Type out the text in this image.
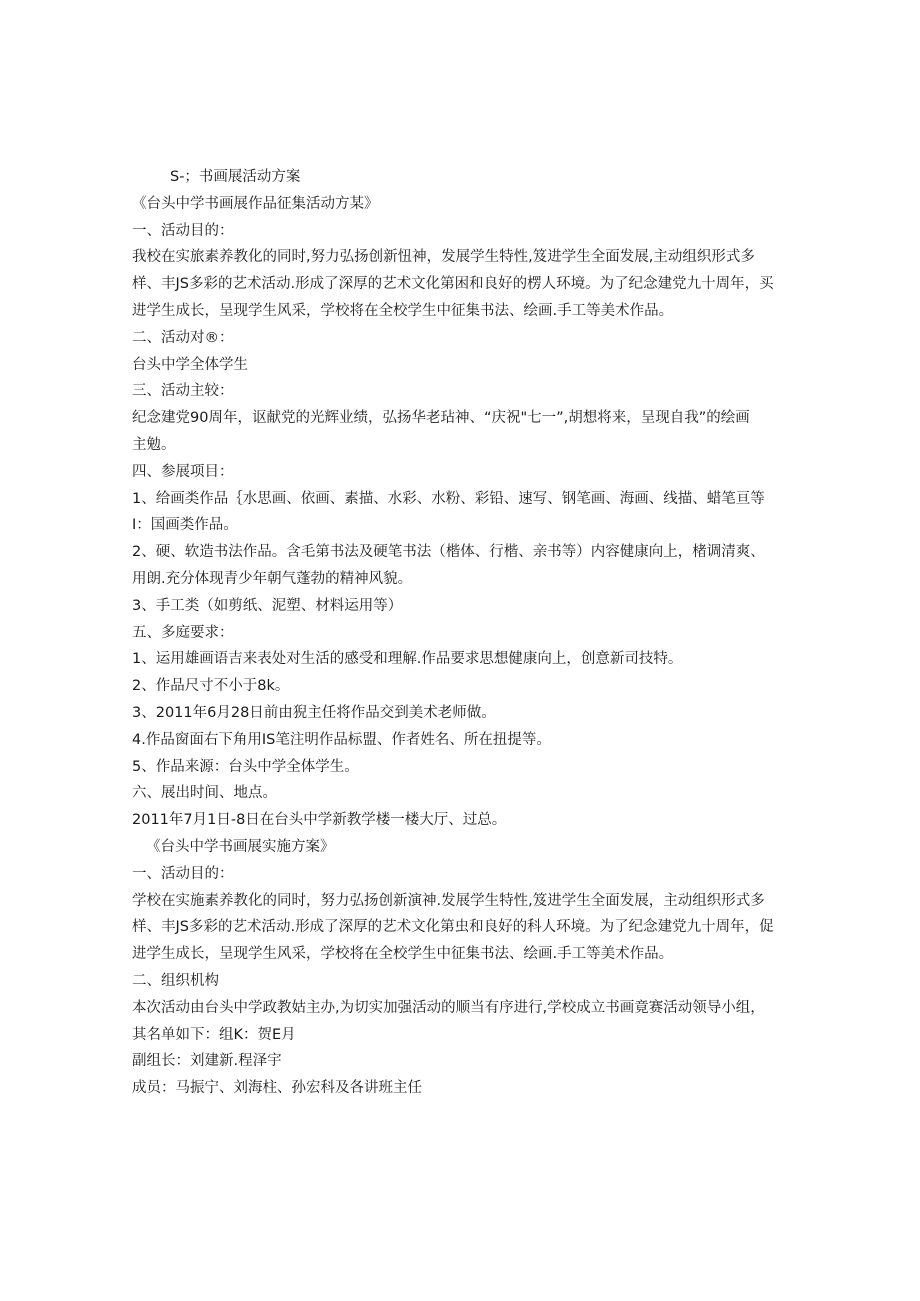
S-；书画展活动方案
《台头中学书画展作品征集活动方某》
一、活动目的：
我校在实旅素养教化的同时,努力弘扬创新忸神，发展学生特性,笈进学生全面发展,主动组织形式多
样、丰JS多彩的艺术活动.形成了深厚的艺术文化第困和良好的楞人环境。为了纪念建党九十周年，买
进学生成长，呈现学生风采，学校将在全校学生中征集书法、绘画.手工等美术作品。
二、活动对®：
台头中学全体学生
三、活动主较：
纪念建党90周年，讴献党的光辉业绩，弘扬华老玷神、“庆祝"七一”,胡想将来，呈现自我”的绘画
主勉。
四、参展项目：
1、给画类作品｛水思画、依画、素描、水彩、水粉、彩铅、速写、钢笔画、海画、线描、蜡笔亘等
I：国画类作品。
2、硬、软造书法作品。含毛第书法及硬笔书法（楷体、行楷、亲书等）内容健康向上，楮调清爽、
用朗.充分体现青少年朝气蓬勃的精神风貌。
3、手工类（如剪纸、泥塑、材料运用等）
五、多庭要求：
1、运用雄画语吉来表处对生活的感受和理解.作品要求思想健康向上，创意新司技特。
2、作品尺寸不小于8k。
3、2011年6月28日前由猊主任将作品交到美术老师做。
4.作品窗面右下角用IS笔注明作品标盟、作者姓名、所在扭提等。
5、作品来源：台头中学全体学生。
六、展出时间、地点。
2011年7月1日-8日在台头中学新教学楼一楼大厅、过总。
《台头中学书画展实施方案》
一、活动目的：
学校在实施素养教化的同时，努力弘扬创新演神.发展学生特性,笈进学生全面发展，主动组织形式多
样、丰JS多彩的艺术活动.形成了深厚的艺术文化第虫和良好的科人环境。为了纪念建党九十周年，促
进学生成长，呈现学生风采，学校将在全校学生中征集书法、绘画.手工等美术作品。
二、组织机构
本次活动由台头中学政教姑主办,为切实加强活动的顺当有序进行,学校成立书画竟赛活动领导小组，
其名单如下：组K：贺E月
副组长：刘建新.程泽宇
成员：马振宁、刘海柱、孙宏科及各讲班主任
